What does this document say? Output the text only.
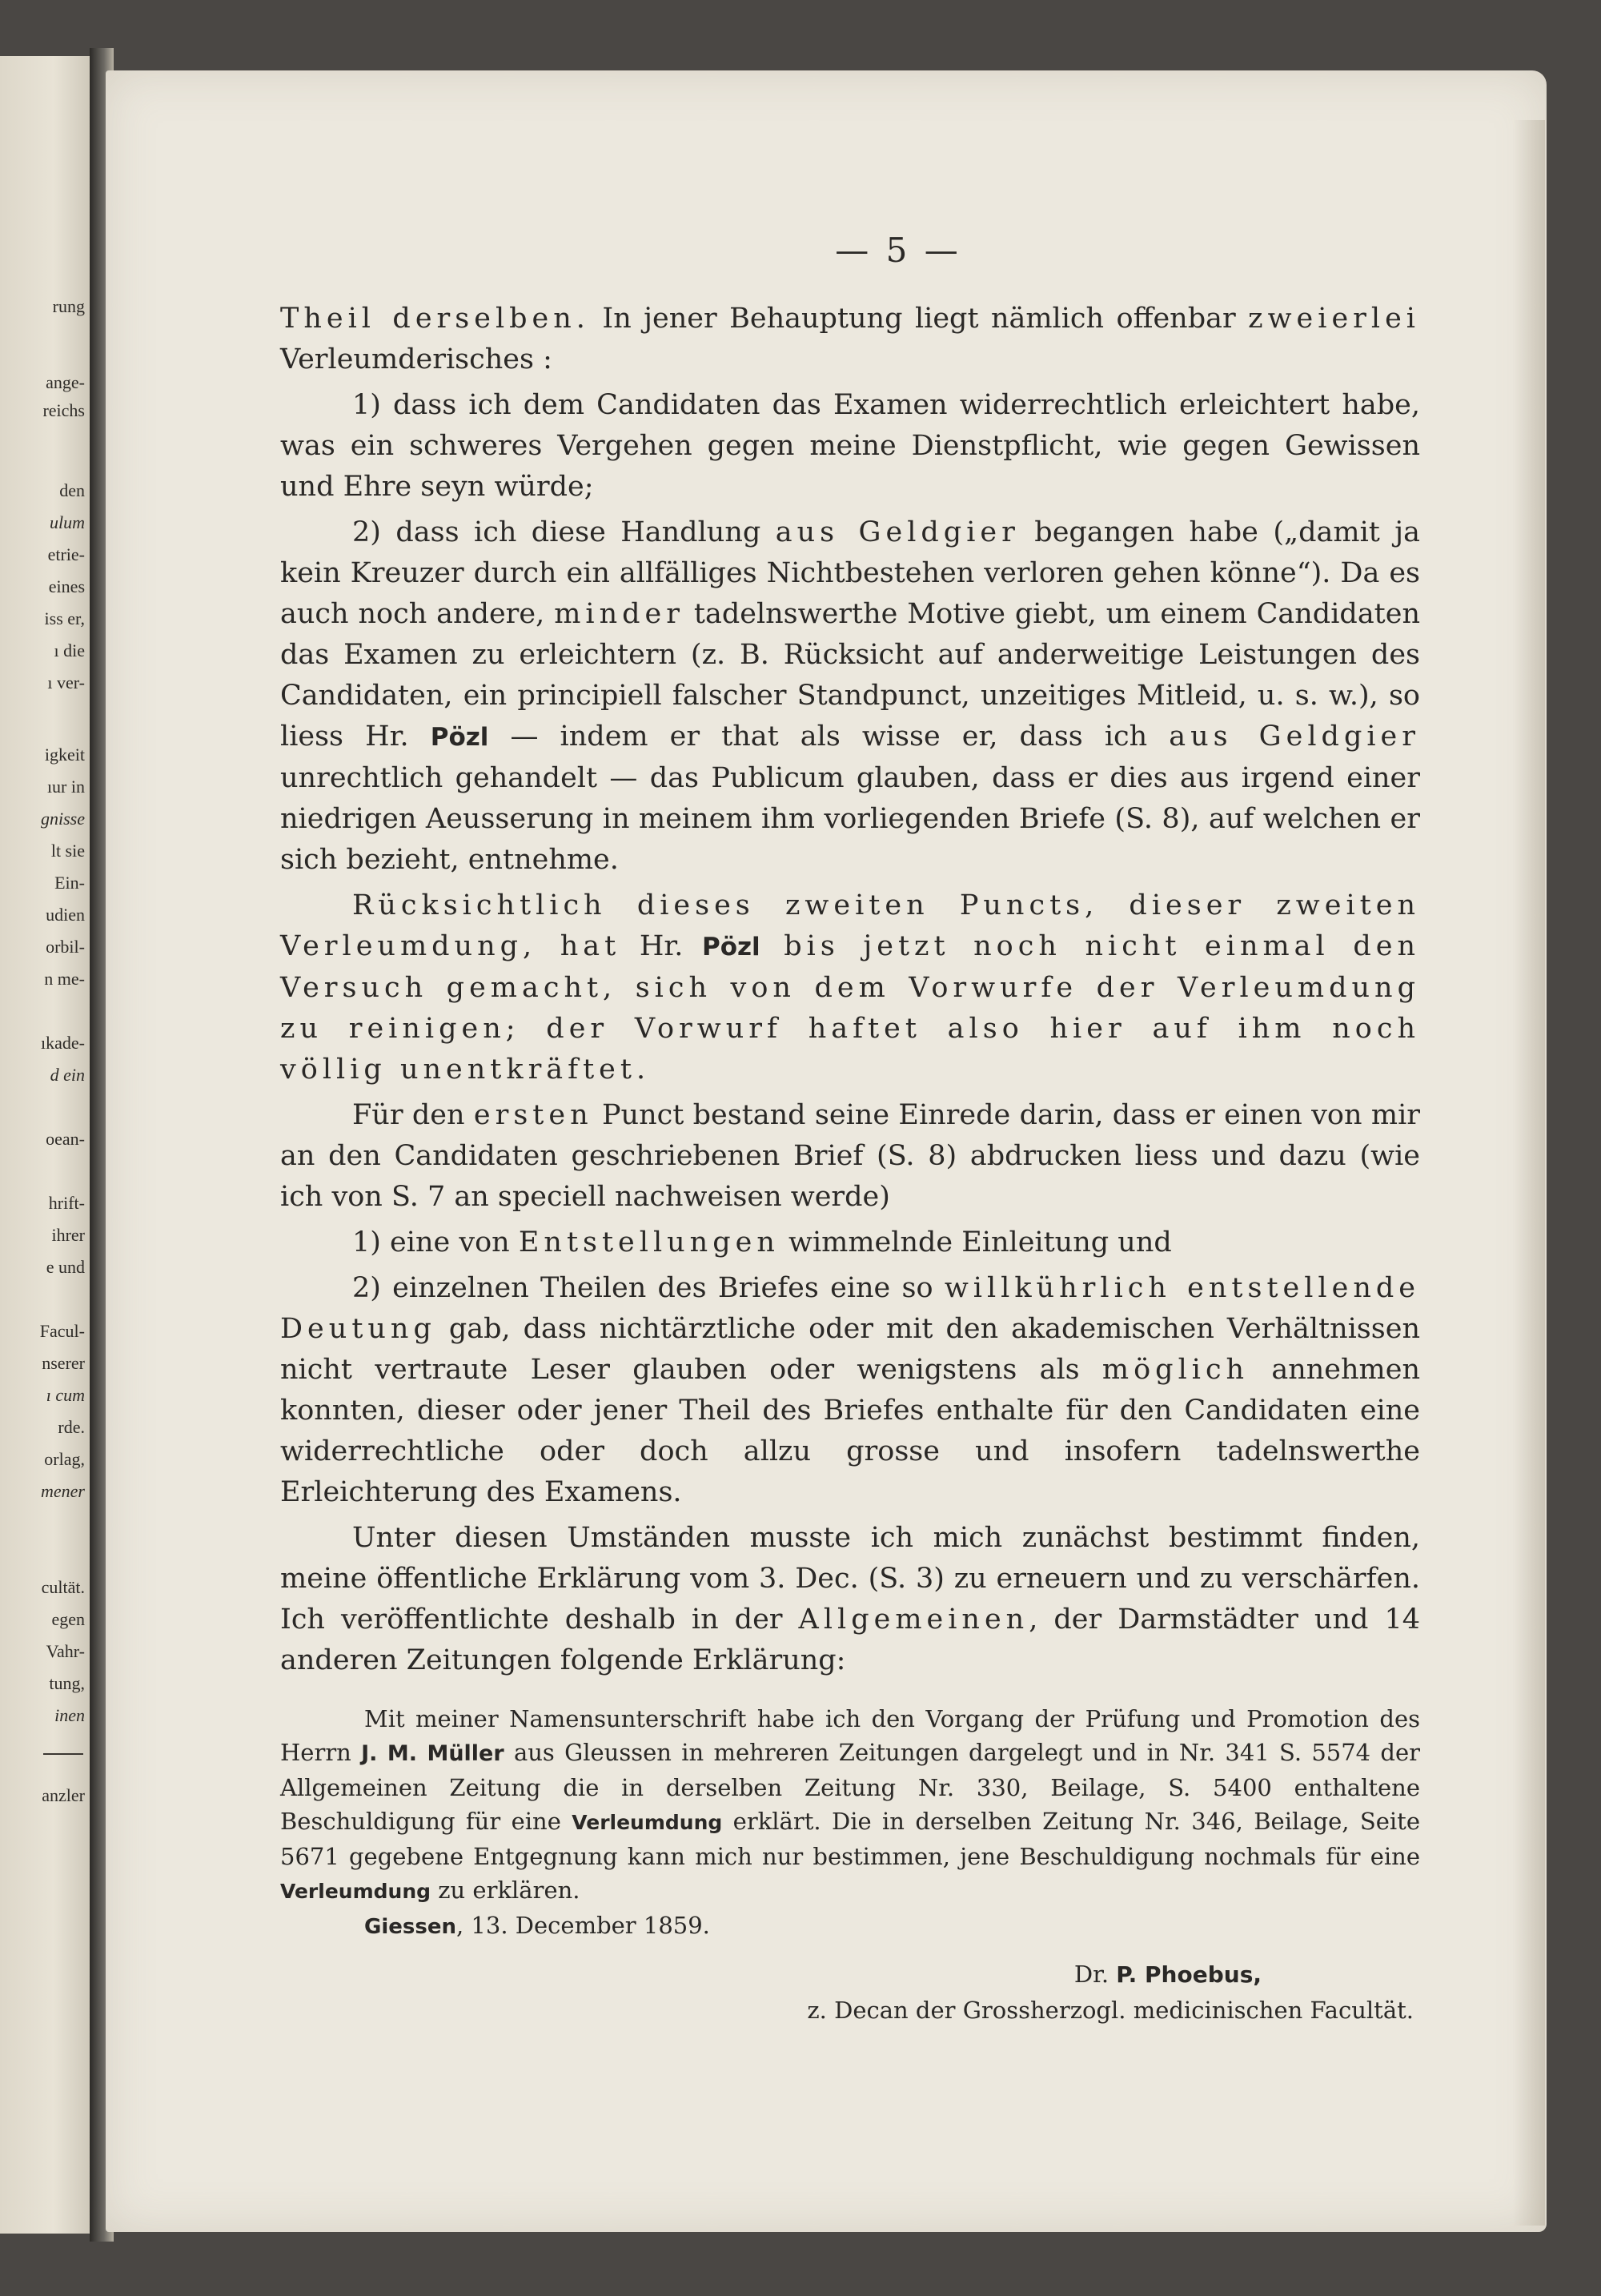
rung
ange-
reichs
den
ulum
etrie-
eines
iss er,
ı die
ı ver-
igkeit
ıur in
gnisse
lt sie
Ein-
udien
orbil-
n me-
ıkade-
d ein
oean-
hrift-
ihrer
e und
Facul-
nserer
ı cum
rde.
orlag,
mener
cultät.
egen
Vahr-
tung,
inen
anzler
— 5 —

Theil derselben. In jener Behauptung liegt nämlich offenbar zweierlei Verleumderisches :

1) dass ich dem Candidaten das Examen widerrechtlich erleichtert habe, was ein schweres Vergehen gegen meine Dienstpflicht, wie gegen Gewissen und Ehre seyn würde;

2) dass ich diese Handlung aus Geldgier begangen habe („damit ja kein Kreuzer durch ein allfälliges Nichtbestehen verloren gehen könne“). Da es auch noch andere, minder tadelnswerthe Motive giebt, um einem Candidaten das Examen zu erleichtern (z. B. Rücksicht auf anderweitige Leistungen des Candidaten, ein principiell falscher Standpunct, unzeitiges Mitleid, u. s. w.), so liess Hr. Pözl — indem er that als wisse er, dass ich aus Geldgier unrechtlich gehandelt — das Publicum glauben, dass er dies aus irgend einer niedrigen Aeusserung in meinem ihm vorliegenden Briefe (S. 8), auf welchen er sich bezieht, entnehme.

Rücksichtlich dieses zweiten Puncts, dieser zweiten Verleumdung, hat Hr. Pözl bis jetzt noch nicht einmal den Versuch gemacht, sich von dem Vorwurfe der Verleumdung zu reinigen; der Vorwurf haftet also hier auf ihm noch völlig unentkräftet.

Für den ersten Punct bestand seine Einrede darin, dass er einen von mir an den Candidaten geschriebenen Brief (S. 8) abdrucken liess und dazu (wie ich von S. 7 an speciell nachweisen werde)

1) eine von Entstellungen wimmelnde Einleitung und

2) einzelnen Theilen des Briefes eine so willkührlich entstellende Deutung gab, dass nichtärztliche oder mit den akademischen Verhältnissen nicht vertraute Leser glauben oder wenigstens als möglich annehmen konnten, dieser oder jener Theil des Briefes enthalte für den Candidaten eine widerrechtliche oder doch allzu grosse und insofern tadelnswerthe Erleichterung des Examens.

Unter diesen Umständen musste ich mich zunächst bestimmt finden, meine öffentliche Erklärung vom 3. Dec. (S. 3) zu erneuern und zu verschärfen. Ich veröffentlichte deshalb in der Allgemeinen, der Darmstädter und 14 anderen Zeitungen folgende Erklärung:

Mit meiner Namensunterschrift habe ich den Vorgang der Prüfung und Promotion des Herrn J. M. Müller aus Gleussen in mehreren Zeitungen dargelegt und in Nr. 341 S. 5574 der Allgemeinen Zeitung die in derselben Zeitung Nr. 330, Beilage, S. 5400 enthaltene Beschuldigung für eine Verleumdung erklärt. Die in derselben Zeitung Nr. 346, Beilage, Seite 5671 gegebene Entgegnung kann mich nur bestimmen, jene Beschuldigung nochmals für eine Verleumdung zu erklären.
Giessen, 13. December 1859.
Dr. P. Phoebus,
z. Decan der Grossherzogl. medicinischen Facultät.
